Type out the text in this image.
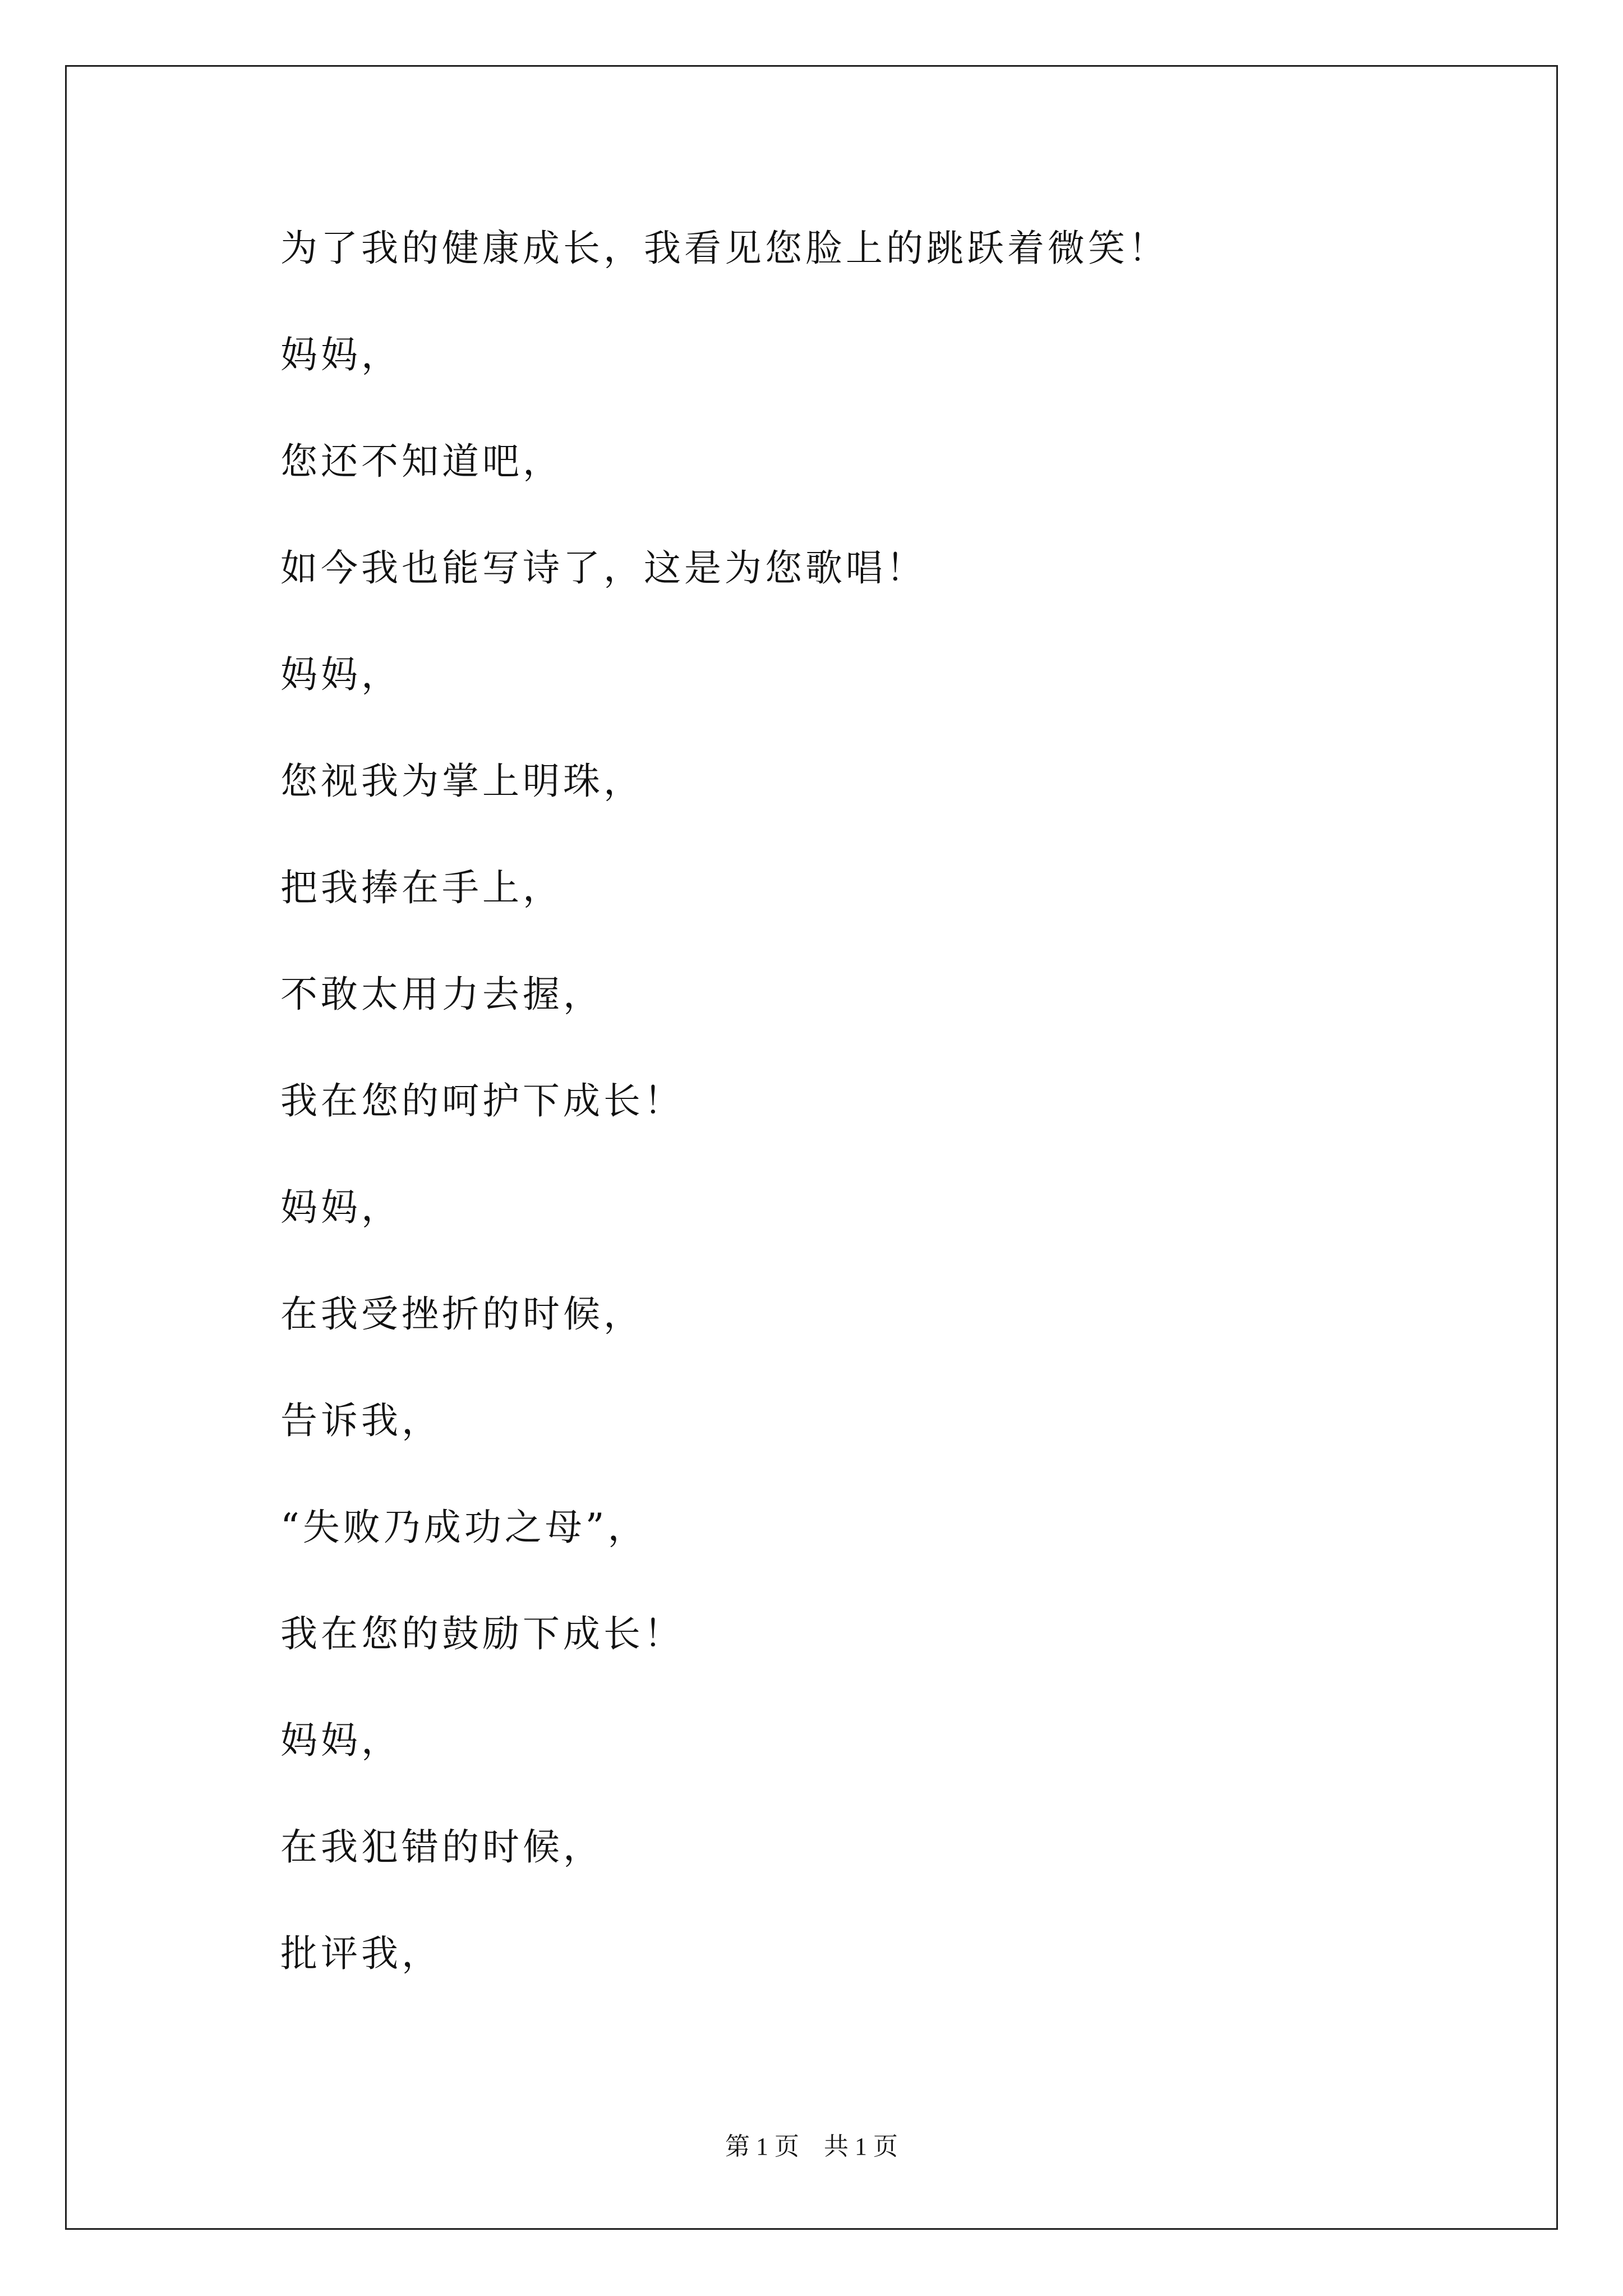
为了我的健康成长，我看见您脸上的跳跃着微笑！
妈妈，
您还不知道吧，
如今我也能写诗了，这是为您歌唱！
妈妈，
您视我为掌上明珠，
把我捧在手上，
不敢太用力去握，
我在您的呵护下成长！
妈妈，
在我受挫折的时候，
告诉我，
“失败乃成功之母”，
我在您的鼓励下成长！
妈妈，
在我犯错的时候，
批评我，
第 1 页 共 1 页
